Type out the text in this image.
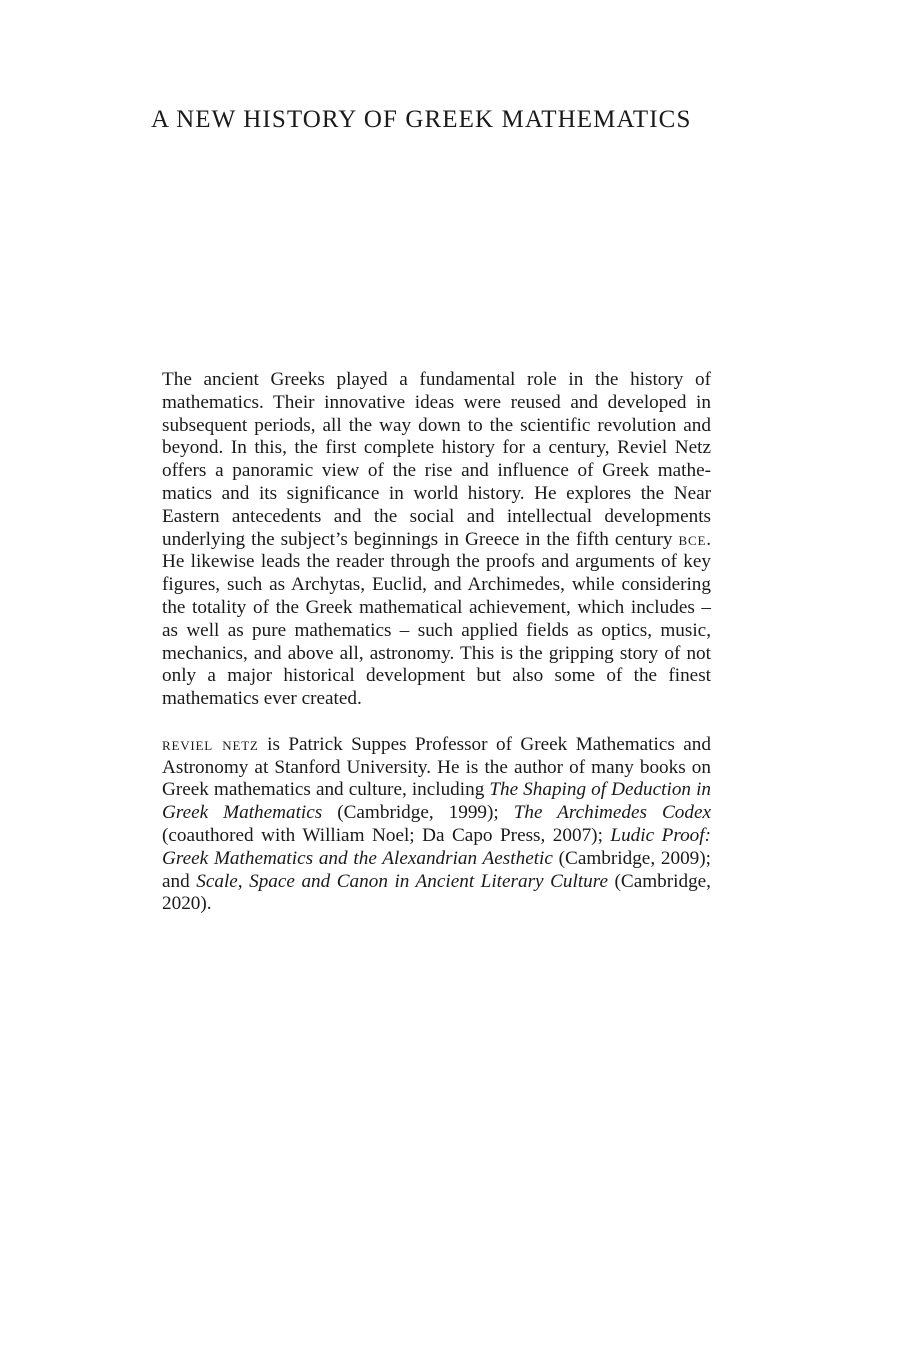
A NEW HISTORY OF GREEK MATHEMATICS

The ancient Greeks played a fundamental role in the history of mathematics. Their innovative ideas were reused and developed in subsequent periods, all the way down to the scientific revolution and beyond. In this, the first complete history for a century, Reviel Netz offers a panoramic view of the rise and influence of Greek mathematics and its significance in world history. He explores the Near Eastern antecedents and the social and intellectual developments underlying the subject’s beginnings in Greece in the fifth century bce. He likewise leads the reader through the proofs and arguments of key figures, such as Archytas, Euclid, and Archimedes, while considering the totality of the Greek mathematical achievement, which includes – as well as pure mathematics – such applied fields as optics, music, mechanics, and above all, astronomy. This is the gripping story of not only a major historical development but also some of the finest mathematics ever created.

reviel netz is Patrick Suppes Professor of Greek Mathematics and Astronomy at Stanford University. He is the author of many books on Greek mathematics and culture, including The Shaping of Deduction in Greek Mathematics (Cambridge, 1999); The Archimedes Codex (coauthored with William Noel; Da Capo Press, 2007); Ludic Proof: Greek Mathematics and the Alexandrian Aesthetic (Cambridge, 2009); and Scale, Space and Canon in Ancient Literary Culture (Cambridge, 2020).
